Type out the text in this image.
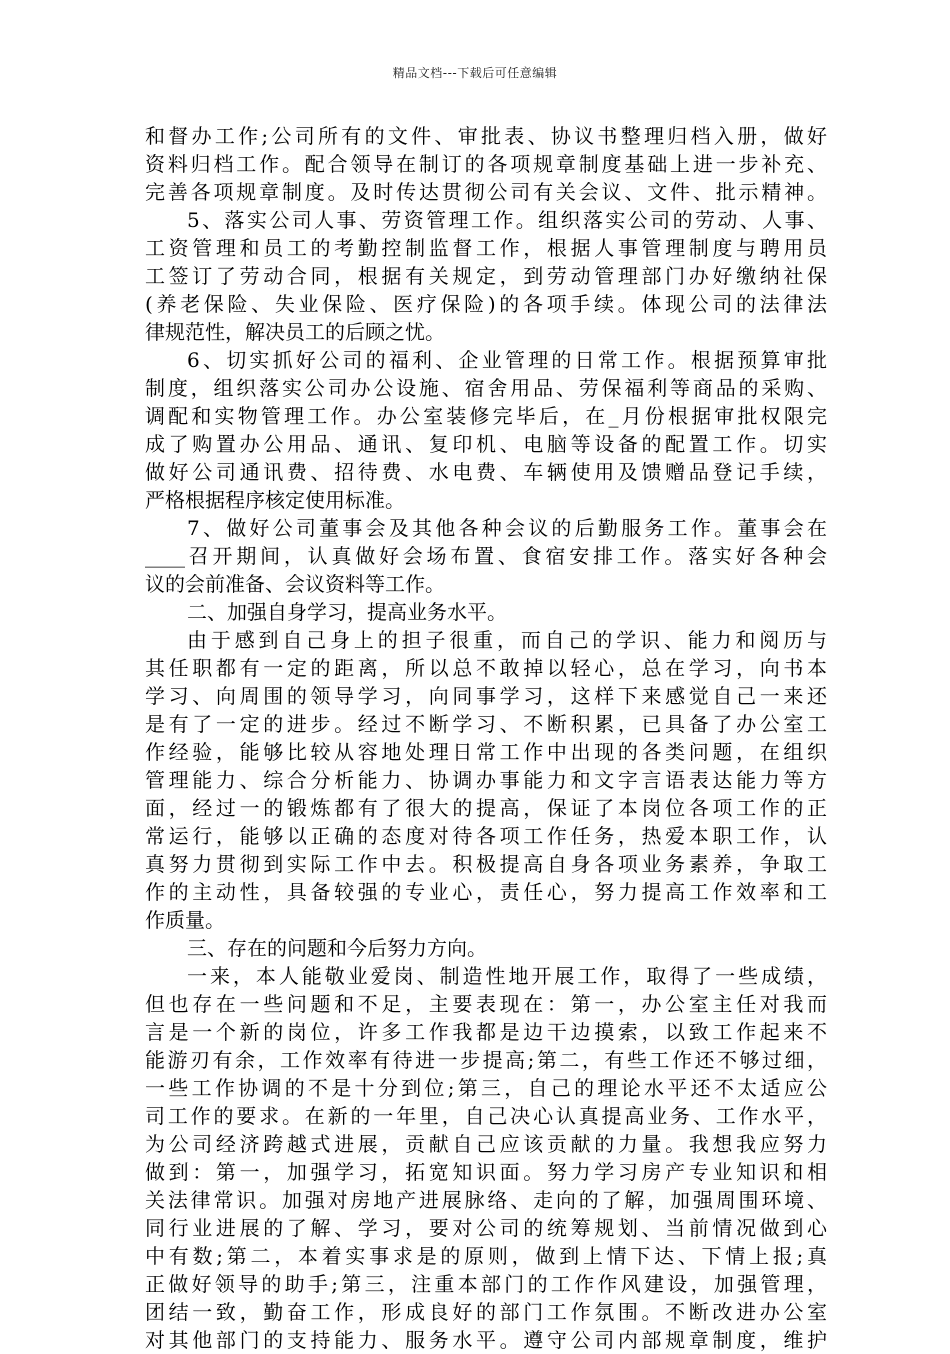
精品文档---下载后可任意编辑
和督办工作;公司所有的文件、审批表、协议书整理归档入册，做好
资料归档工作。配合领导在制订的各项规章制度基础上进一步补充、
完善各项规章制度。及时传达贯彻公司有关会议、文件、批示精神。
5、落实公司人事、劳资管理工作。组织落实公司的劳动、人事、
工资管理和员工的考勤控制监督工作，根据人事管理制度与聘用员
工签订了劳动合同，根据有关规定，到劳动管理部门办好缴纳社保
(养老保险、失业保险、医疗保险)的各项手续。体现公司的法律法
律规范性，解决员工的后顾之忧。
6、切实抓好公司的福利、企业管理的日常工作。根据预算审批
制度，组织落实公司办公设施、宿舍用品、劳保福利等商品的采购、
调配和实物管理工作。办公室装修完毕后，在_月份根据审批权限完
成了购置办公用品、通讯、复印机、电脑等设备的配置工作。切实
做好公司通讯费、招待费、水电费、车辆使用及馈赠品登记手续，
严格根据程序核定使用标准。
7、做好公司董事会及其他各种会议的后勤服务工作。董事会在
____召开期间，认真做好会场布置、食宿安排工作。落实好各种会
议的会前准备、会议资料等工作。
二、加强自身学习，提高业务水平。
由于感到自己身上的担子很重，而自己的学识、能力和阅历与
其任职都有一定的距离，所以总不敢掉以轻心，总在学习，向书本
学习、向周围的领导学习，向同事学习，这样下来感觉自己一来还
是有了一定的进步。经过不断学习、不断积累，已具备了办公室工
作经验，能够比较从容地处理日常工作中出现的各类问题，在组织
管理能力、综合分析能力、协调办事能力和文字言语表达能力等方
面，经过一的锻炼都有了很大的提高，保证了本岗位各项工作的正
常运行，能够以正确的态度对待各项工作任务，热爱本职工作，认
真努力贯彻到实际工作中去。积极提高自身各项业务素养，争取工
作的主动性，具备较强的专业心，责任心，努力提高工作效率和工
作质量。
三、存在的问题和今后努力方向。
一来，本人能敬业爱岗、制造性地开展工作，取得了一些成绩，
但也存在一些问题和不足，主要表现在：第一，办公室主任对我而
言是一个新的岗位，许多工作我都是边干边摸索，以致工作起来不
能游刃有余，工作效率有待进一步提高;第二，有些工作还不够过细，
一些工作协调的不是十分到位;第三，自己的理论水平还不太适应公
司工作的要求。在新的一年里，自己决心认真提高业务、工作水平，
为公司经济跨越式进展，贡献自己应该贡献的力量。我想我应努力
做到：第一，加强学习，拓宽知识面。努力学习房产专业知识和相
关法律常识。加强对房地产进展脉络、走向的了解，加强周围环境、
同行业进展的了解、学习，要对公司的统筹规划、当前情况做到心
中有数;第二，本着实事求是的原则，做到上情下达、下情上报;真
正做好领导的助手;第三，注重本部门的工作作风建设，加强管理，
团结一致，勤奋工作，形成良好的部门工作氛围。不断改进办公室
对其他部门的支持能力、服务水平。遵守公司内部规章制度，维护
